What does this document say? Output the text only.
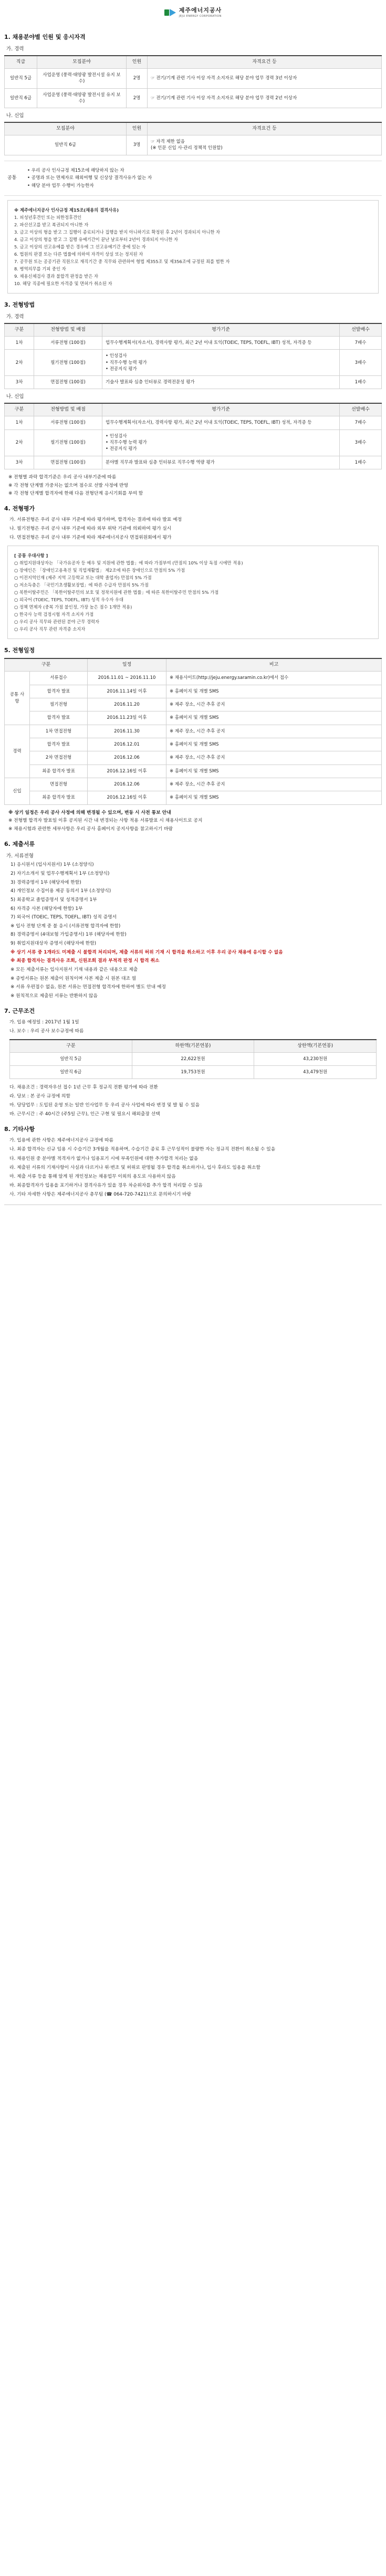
제주에너지공사
JEJU ENERGY CORPORATION
1. 채용분야별 인원 및 응시자격
가. 경력
직급	모집분야	인원	자격요건 등
일반직 5급	사업운영 (풍력·태양광 발전시설 유지 보수)	2명	☞ 전기/기계 관련 기사 이상 자격 소지자로 해당 분야 업무 경력 3년 이상자
일반직 6급	사업운영 (풍력·태양광 발전시설 유지 보수)	2명	☞ 전기/기계 관련 기사 이상 자격 소지자로 해당 분야 업무 경력 2년 이상자
나. 신입
모집분야	인원	자격요건 등
일반직 6급	3명	☞ 자격 제한 없음
(※ 인문 신입 사·관리 정책적 인원할)
공통

• 우리 공사 인사규정 제15조에 해당하지 않는 자

• 공명과 또는 면제자로 해외여행 및 신상상 결격사유가 없는 자

• 해당 분야 업무 수행이 가능한자

※ 제주에너지공사 인사규정 제15조(채용의 결격사유)

1. 피성년후견인 또는 피한정후견인

2. 파산선고를 받고 복권되지 아니한 자

3. 금고 이상의 형을 받고 그 집행이 종료되거나 집행을 받지 아니하기로 확정된 후 2년이 경과되지 아니한 자

4. 금고 이상의 형을 받고 그 집행 유예기간이 끝난 날로부터 2년이 경과되지 아니한 자

5. 금고 이상의 선고유예를 받은 경우에 그 선고유예기간 중에 있는 자

6. 법원의 판결 또는 다른 법률에 의하여 자격이 상실 또는 정지된 자

7. 공무원 또는 공공기관 직원으로 재직기간 중 직무와 관련하여 형법 제355조 및 제356조에 규정된 죄를 범한 자

8. 병역의무를 기피 중인 자

9. 채용신체검사 결과 불합격 판정을 받은 자

10. 해당 직종에 필요한 자격증 및 면허가 취소된 자

3. 전형방법
가. 경력
구분	전형방법 및 배점	평가기준	선발배수
1차	서류전형 (100점)	업무수행계획서(자소서), 경력사항 평가, 최근 2년 이내 토익(TOEIC, TEPS, TOEFL, IBT) 성적, 자격증 등	7배수
2차	필기전형 (100점)	• 인성검사
• 직무수행 능력 평가
• 전공지식 평가	3배수
3차	면접전형 (100점)	기술사 발표와 심층 인터뷰로 경력전문성 평가	1배수
나. 신입
구분	전형방법 및 배점	평가기준	선발배수
1차	서류전형 (100점)	업무수행계획서(자소서), 경력사항 평가, 최근 2년 이내 토익(TOEIC, TEPS, TOEFL, IBT) 성적, 자격증 등	7배수
2차	필기전형 (100점)	• 인성검사
• 직무수행 능력 평가
• 전공지식 평가	3배수
3차	면접전형 (100점)	분야별 직무과 발표와 심층 인터뷰로 직무수행 역량 평가	1배수

※ 전형별 과락 합격기준은 우리 공사 내부기준에 따름

※ 각 전형 단계별 가중치는 없으며 점수로 선발 사정에 반영

※ 각 전형 단계별 합격자에 한해 다음 전형단계 응시기회를 부여 함

4. 전형평가

가. 서류전형은 우리 공사 내부 기준에 따라 평가하며, 합격자는 결과에 따라 발표 예정

나. 필기전형은 우리 공사 내부 기준에 따라 외부 위탁 기관에 의뢰하여 평가 실시

다. 면접전형은 우리 공사 내부 기준에 따라 제주에너지공사 면접위원회에서 평가

[ 공통 우대사항 ]

○ 취업지원대상자는 「국가유공자 등 예우 및 지원에 관한 법률」에 따라 가점부여 (만점의 10% 이상 독점 시에만 적용)

○ 장애인은 「장애인고용촉진 및 직업재활법」 제2조에 따른 장애인으로 만점의 5% 가점

○ 이전지역인재 (제주 지역 고등학교 또는 대학 졸업자) 만점의 5% 가점

○ 저소득층은 「국민기초생활보장법」에 따른 수급자 만점의 5% 가점

○ 북한이탈주민은 「북한이탈주민의 보호 및 정착지원에 관한 법률」에 따른 북한이탈주민 만점의 5% 가점

○ 외국어 (TOEIC, TEPS, TOEFL, IBT) 성적 우수자 우대

○ 정책 면제자 (중복 가점 불인정, 가장 높은 점수 1개만 적용)

○ 한국사 능력 검정시험 자격 소지자 가점

○ 우리 공사 직무와 관련된 분야 근무 경력자

○ 우리 공사 직무 관련 자격증 소지자

5. 전형일정
구분		일정	비고
공통 사항	서류접수	2016.11.01 ~ 2016.11.10	※ 채용사이트(http://jeju.energy.saramin.co.kr)에서 접수
	합격자 발표	2016.11.14일 이후	※ 홈페이지 및 개별 SMS
	필기전형	2016.11.20	※ 제주 장소, 시간 추후 공지
	합격자 발표	2016.11.23일 이후	※ 홈페이지 및 개별 SMS
경력	1차 면접전형	2016.11.30	※ 제주 장소, 시간 추후 공지
	합격자 발표	2016.12.01	※ 홈페이지 및 개별 SMS
	2차 면접전형	2016.12.06	※ 제주 장소, 시간 추후 공지
	최종 합격자 발표	2016.12.16일 이후	※ 홈페이지 및 개별 SMS
신입	면접전형	2016.12.06	※ 제주 장소, 시간 추후 공지
	최종 합격자 발표	2016.12.16일 이후	※ 홈페이지 및 개별 SMS

※ 상기 일정은 우리 공사 사정에 의해 변경될 수 있으며, 변동 시 사전 통보 안내

※ 전형별 합격자 발표일 이후 공지된 시간 내 변경되는 사항 적용 서류발표 시 채용사이트로 공지

※ 채용시험과 관련한 세부사항은 우리 공사 홈페이지 공지사항을 참고하시기 바람

6. 제출서류
가. 서류전형

1) 응시원서 (입사지원서) 1부 (소정양식)

2) 자기소개서 및 업무수행계획서 1부 (소정양식)

3) 경력증명서 1부 (해당자에 한함)

4) 개인정보 수집이용 제공 동의서 1부 (소정양식)

5) 최종학교 졸업증명서 및 성적증명서 1부

6) 자격증 사본 (해당자에 한함) 1부

7) 외국어 (TOEIC, TEPS, TOEFL, IBT) 성적 증명서

※ 입사 전형 단계 중 불 응시 (서류전형 합격자에 한함)

8) 경력증명서 (4대보험 가입증명서) 1부 (해당자에 한함)

9) 취업지원대상자 증명서 (해당자에 한함)

※ 상기 서류 중 1개라도 미제출 시 불합격 처리되며, 제출 서류의 허위 기재 시 합격을 취소하고 이후 우리 공사 채용에 응시할 수 없음

※ 최종 합격자는 결격사유 조회, 신원조회 결과 부적격 판정 시 합격 취소

※ 모든 제출서류는 입사지원서 기재 내용과 같은 내용으로 제출

※ 증빙서류는 원본 제출이 원칙이며 사본 제출 시 원본 대조 필

※ 서류 우편접수 없음, 원본 서류는 면접전형 합격자에 한하여 별도 안내 예정

※ 원칙적으로 제출된 서류는 반환하지 않음

7. 근무조건

가. 입용 예정일 : 2017년 1월 1일

나. 보수 : 우리 공사 보수규정에 따름

구분	하한액(기본연봉)	상한액(기본연봉)
일반직 5급	22,622천원	43,230천원
일반직 6급	19,753천원	43,479천원

다. 채용조건 : 경력자우선 접수 1년 근무 후 정규직 전환 평가에 따라 전환

라. 당보 : 본 공사 규정에 의함

마. 당당업무 : 도입된 운영 또는 일반 인사업무 등 우리 공사 사업에 따라 변경 및 발 될 수 있음

바. 근무시간 : 주 40시간 (주5일 근무), 인근 구현 및 필요시 해외출장 선택

8. 기타사항

가. 입용에 관한 사항은 제주에너지공사 규정에 따름

나. 최종 합격자는 신규 임용 시 수습기간 3개월을 적용하며, 수습기간 종료 후 근무성적이 불량한 자는 정규직 전환이 취소될 수 있음

다. 채용인원 중 분야별 적격자가 없거나 임용포기 시에 부족인원에 대한 추가합격 처리는 없음

라. 제출된 서류의 기재사항이 사실과 다르거나 위·변조 및 허위로 판명될 경우 합격을 취소하거나, 입사 후라도 임용을 취소함

마. 제출 서류 등을 통해 알게 된 개인정보는 채용업무 이외의 용도로 사용하지 않음

바. 최종합격자가 입용을 포기하거나 결격사유가 있을 경우 차순위자를 추가 합격 처리할 수 있음

사. 기타 자세한 사항은 제주에너지공사 총무팀 (☎ 064-720-7421)으로 문의하시기 바람
